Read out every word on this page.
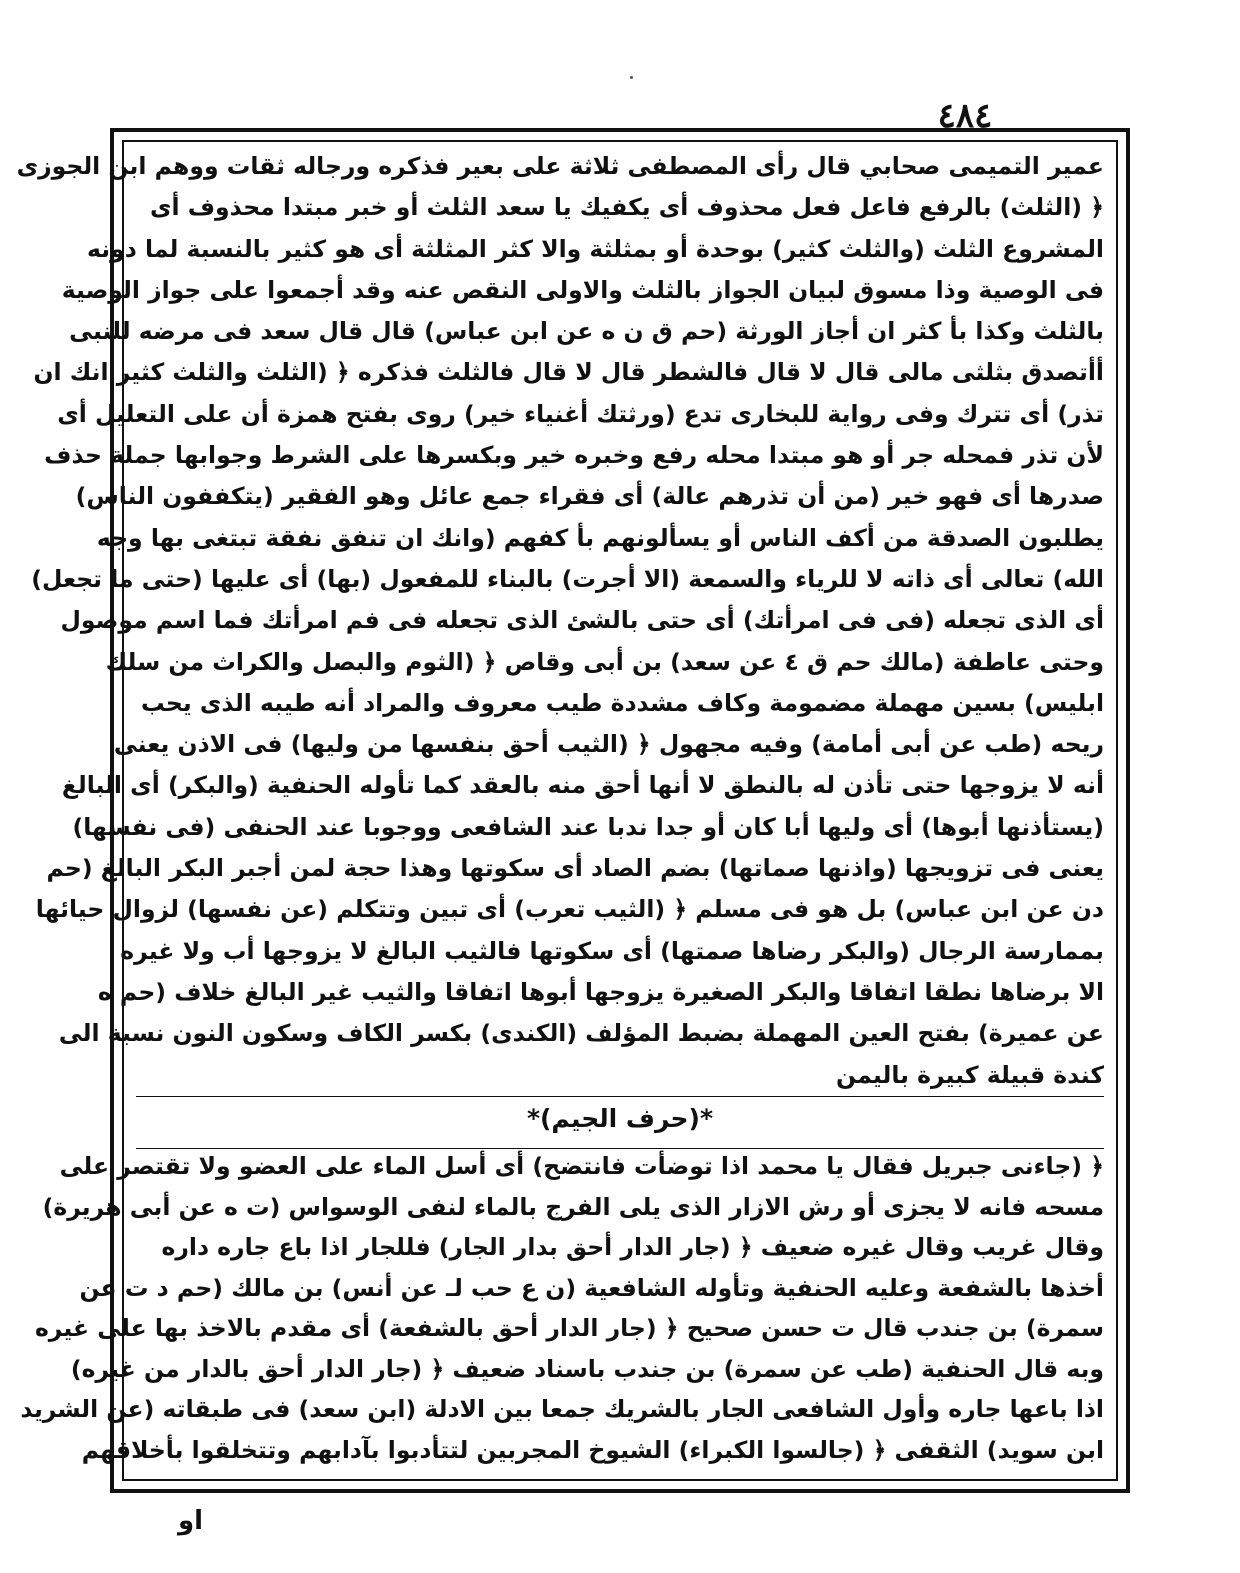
٤٨٤
عمير التميمى صحابي قال رأى المصطفى ثلاثة على بعير فذكره ورجاله ثقات ووهم ابن الجوزى
﴿ (الثلث) بالرفع فاعل فعل محذوف أى يكفيك يا سعد الثلث أو خبر مبتدا محذوف أى
المشروع الثلث (والثلث كثير) بوحدة أو بمثلثة والا كثر المثلثة أى هو كثير بالنسبة لما دونه
فى الوصية وذا مسوق لبيان الجواز بالثلث والاولى النقص عنه وقد أجمعوا على جواز الوصية
بالثلث وكذا بأ كثر ان أجاز الورثة (حم ق ن ه عن ابن عباس) قال قال سعد فى مرضه للنبى
أأتصدق بثلثى مالى قال لا قال فالشطر قال لا قال فالثلث فذكره ﴿ (الثلث والثلث كثير انك ان
تذر) أى تترك وفى رواية للبخارى تدع (ورثتك أغنياء خير) روى بفتح همزة أن على التعليل أى
لأن تذر فمحله جر أو هو مبتدا محله رفع وخبره خير وبكسرها على الشرط وجوابها جملة حذف
صدرها أى فهو خير (من أن تذرهم عالة) أى فقراء جمع عائل وهو الفقير (يتكففون الناس)
يطلبون الصدقة من أكف الناس أو يسألونهم بأ كفهم (وانك ان تنفق نفقة تبتغى بها وجه
الله) تعالى أى ذاته لا للرياء والسمعة (الا أجرت) بالبناء للمفعول (بها) أى عليها (حتى ما تجعل)
أى الذى تجعله (فى فى امرأتك) أى حتى بالشئ الذى تجعله فى فم امرأتك فما اسم موصول
وحتى عاطفة (مالك حم ق ٤ عن سعد) بن أبى وقاص ﴿ (الثوم والبصل والكراث من سلك
ابليس) بسين مهملة مضمومة وكاف مشددة طيب معروف والمراد أنه طيبه الذى يحب
ريحه (طب عن أبى أمامة) وفيه مجهول ﴿ (الثيب أحق بنفسها من وليها) فى الاذن يعنى
أنه لا يزوجها حتى تأذن له بالنطق لا أنها أحق منه بالعقد كما تأوله الحنفية (والبكر) أى البالغ
(يستأذنها أبوها) أى وليها أبا كان أو جدا ندبا عند الشافعى ووجوبا عند الحنفى (فى نفسها)
يعنى فى تزويجها (واذنها صماتها) بضم الصاد أى سكوتها وهذا حجة لمن أجبر البكر البالغ (حم
دن عن ابن عباس) بل هو فى مسلم ﴿ (الثيب تعرب) أى تبين وتتكلم (عن نفسها) لزوال حيائها
بممارسة الرجال (والبكر رضاها صمتها) أى سكوتها فالثيب البالغ لا يزوجها أب ولا غيره
الا برضاها نطقا اتفاقا والبكر الصغيرة يزوجها أبوها اتفاقا والثيب غير البالغ خلاف (حم ه
عن عميرة) بفتح العين المهملة بضبط المؤلف (الكندى) بكسر الكاف وسكون النون نسبة الى
كندة قبيلة كبيرة باليمن
*(حرف الجيم)*
﴿ (جاءنى جبريل فقال يا محمد اذا توضأت فانتضح) أى أسل الماء على العضو ولا تقتصر على
مسحه فانه لا يجزى أو رش الازار الذى يلى الفرج بالماء لنفى الوسواس (ت ه عن أبى هريرة)
وقال غريب وقال غيره ضعيف ﴿ (جار الدار أحق بدار الجار) فللجار اذا باع جاره داره
أخذها بالشفعة وعليه الحنفية وتأوله الشافعية (ن ع حب لـ عن أنس) بن مالك (حم د ت عن
سمرة) بن جندب قال ت حسن صحيح ﴿ (جار الدار أحق بالشفعة) أى مقدم بالاخذ بها على غيره
وبه قال الحنفية (طب عن سمرة) بن جندب باسناد ضعيف ﴿ (جار الدار أحق بالدار من غيره)
اذا باعها جاره وأول الشافعى الجار بالشريك جمعا بين الادلة (ابن سعد) فى طبقاته (عن الشريد
ابن سويد) الثقفى ﴿ (جالسوا الكبراء) الشيوخ المجربين لتتأدبوا بآدابهم وتتخلقوا بأخلاقهم
او
